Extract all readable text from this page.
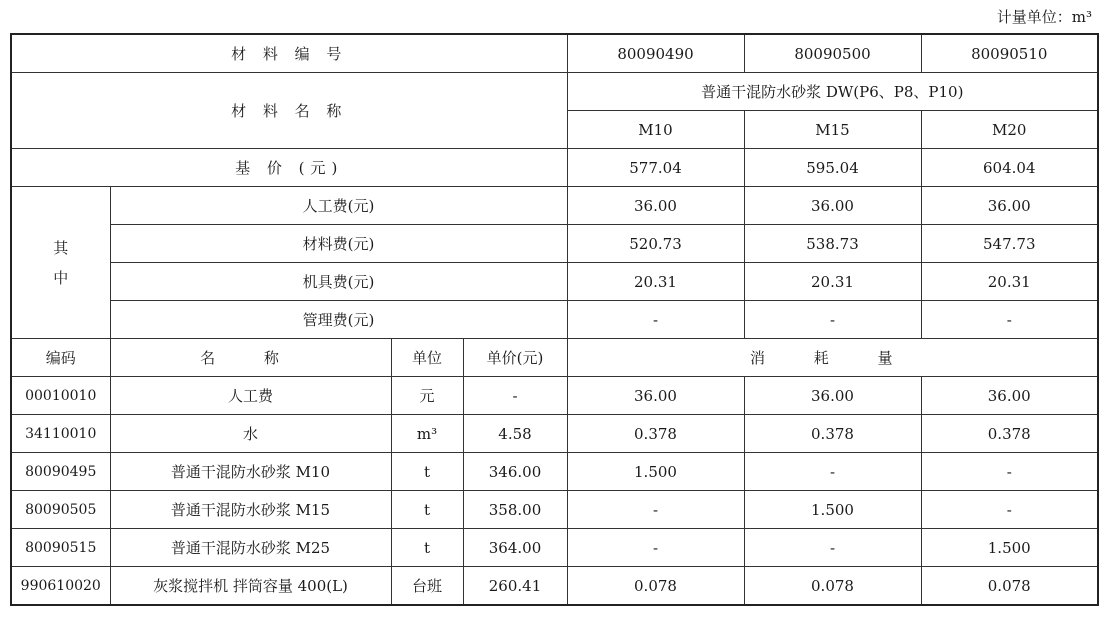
计量单位：m³
材 料 编 号				80090490	80090500	80090510
材 料 名 称				普通干混防水砂浆 DW(P6、P8、P10)		
				M10	M15	M20
基 价 (元)				577.04	595.04	604.04

其
中	人工费(元)			36.00	36.00	36.00
	材料费(元)			520.73	538.73	547.73
	机具费(元)			20.31	20.31	20.31
	管理费(元)			-	-	-
编码	名 称	单位	单价(元)	消 耗 量		
00010010	人工费	元	-	36.00	36.00	36.00
34110010	水	m³	4.58	0.378	0.378	0.378
80090495	普通干混防水砂浆 M10	t	346.00	1.500	-	-
80090505	普通干混防水砂浆 M15	t	358.00	-	1.500	-
80090515	普通干混防水砂浆 M25	t	364.00	-	-	1.500
990610020	灰浆搅拌机 拌筒容量 400(L)	台班	260.41	0.078	0.078	0.078
